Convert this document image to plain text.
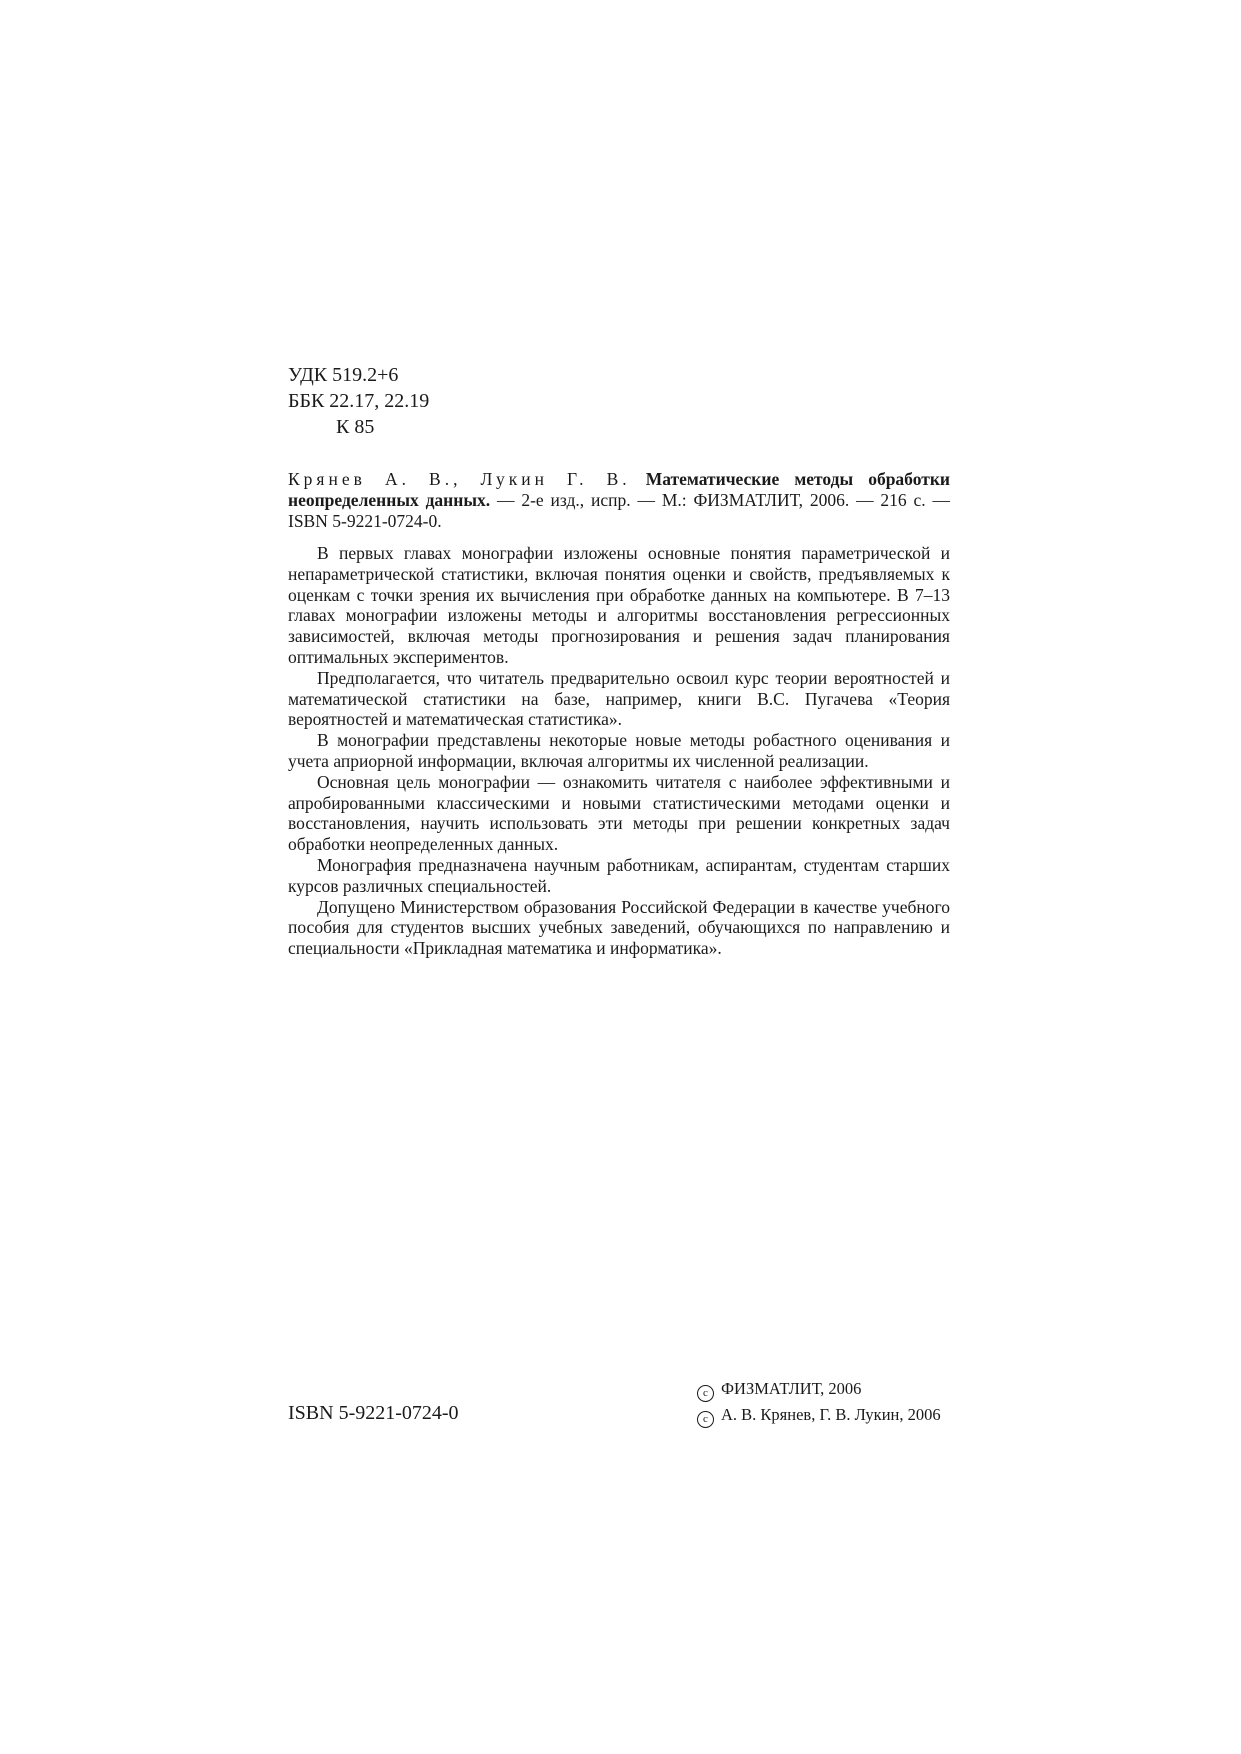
УДК 519.2+6
ББК 22.17, 22.19
К 85
Крянев А. В., Лукин Г. В. Математические методы обработки неопределенных данных. — 2-е изд., испр. — М.: ФИЗМАТЛИТ, 2006. — 216 с. — ISBN 5-9221-0724-0.

В первых главах монографии изложены основные понятия параметрической и непараметрической статистики, включая понятия оценки и свойств, предъявляемых к оценкам с точки зрения их вычисления при обработке данных на компьютере. В 7–13 главах монографии изложены методы и алгоритмы восстановления регрессионных зависимостей, включая методы прогнозирования и решения задач планирования оптимальных экспериментов.

Предполагается, что читатель предварительно освоил курс теории вероятностей и математической статистики на базе, например, книги В.С. Пугачева «Теория вероятностей и математическая статистика».

В монографии представлены некоторые новые методы робастного оценивания и учета априорной информации, включая алгоритмы их численной реализации.

Основная цель монографии — ознакомить читателя с наиболее эффективными и апробированными классическими и новыми статистическими методами оценки и восстановления, научить использовать эти методы при решении конкретных задач обработки неопределенных данных.

Монография предназначена научным работникам, аспирантам, студентам старших курсов различных специальностей.

Допущено Министерством образования Российской Федерации в качестве учебного пособия для студентов высших учебных заведений, обучающихся по направлению и специальности «Прикладная математика и информатика».

ISBN 5-9221-0724-0
c ФИЗМАТЛИТ, 2006
c А. В. Крянев, Г. В. Лукин, 2006
